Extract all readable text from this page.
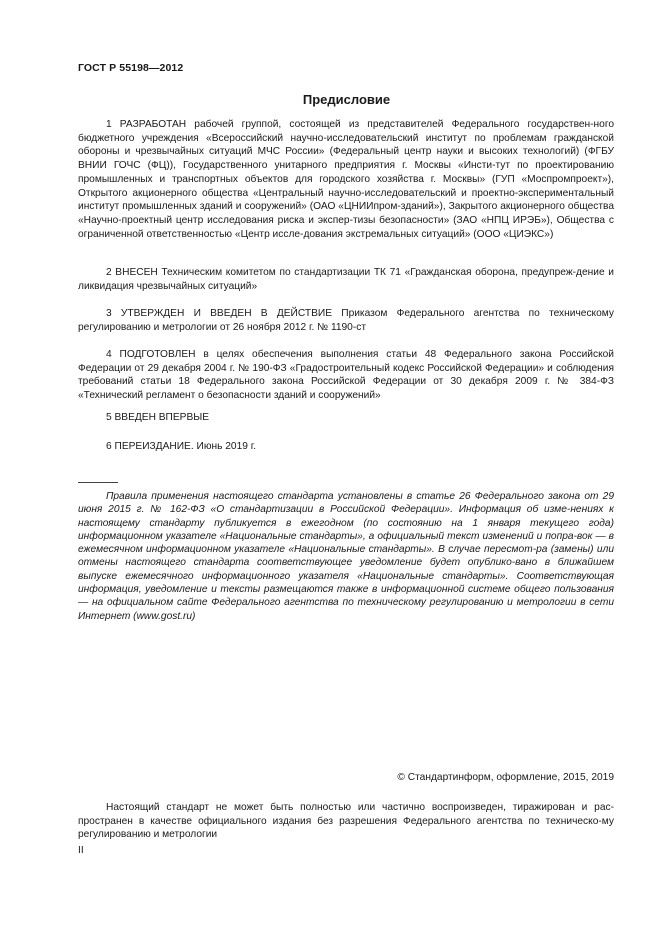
ГОСТ Р 55198—2012
Предисловие
1 РАЗРАБОТАН рабочей группой, состоящей из представителей Федерального государствен-ного бюджетного учреждения «Всероссийский научно-исследовательский институт по проблемам гражданской обороны и чрезвычайных ситуаций МЧС России» (Федеральный центр науки и высоких технологий) (ФГБУ ВНИИ ГОЧС (ФЦ)), Государственного унитарного предприятия г. Москвы «Инсти-тут по проектированию промышленных и транспортных объектов для городского хозяйства г. Москвы» (ГУП «Моспромпроект»), Открытого акционерного общества «Центральный научно-исследовательский и проектно-экспериментальный институт промышленных зданий и сооружений» (ОАО «ЦНИИпром-зданий»), Закрытого акционерного общества «Научно-проектный центр исследования риска и экспер-тизы безопасности» (ЗАО «НПЦ ИРЭБ»), Общества с ограниченной ответственностью «Центр иссле-дования экстремальных ситуаций» (ООО «ЦИЭКС»)
2 ВНЕСЕН Техническим комитетом по стандартизации ТК 71 «Гражданская оборона, предупреж-дение и ликвидация чрезвычайных ситуаций»
3 УТВЕРЖДЕН И ВВЕДЕН В ДЕЙСТВИЕ Приказом Федерального агентства по техническому регулированию и метрологии от 26 ноября 2012 г. № 1190-ст
4 ПОДГОТОВЛЕН в целях обеспечения выполнения статьи 48 Федерального закона Российской Федерации от 29 декабря 2004 г. № 190-ФЗ «Градостроительный кодекс Российской Федерации» и соблюдения требований статьи 18 Федерального закона Российской Федерации от 30 декабря 2009 г. № 384-ФЗ «Технический регламент о безопасности зданий и сооружений»
5 ВВЕДЕН ВПЕРВЫЕ
6 ПЕРЕИЗДАНИЕ. Июнь 2019 г.
Правила применения настоящего стандарта установлены в статье 26 Федерального закона от 29 июня 2015 г. № 162-ФЗ «О стандартизации в Российской Федерации». Информация об изме-нениях к настоящему стандарту публикуется в ежегодном (по состоянию на 1 января текущего года) информационном указателе «Национальные стандарты», а официальный текст изменений и попра-вок — в ежемесячном информационном указателе «Национальные стандарты». В случае пересмот-ра (замены) или отмены настоящего стандарта соответствующее уведомление будет опублико-вано в ближайшем выпуске ежемесячного информационного указателя «Национальные стандарты». Соответствующая информация, уведомление и тексты размещаются также в информационной системе общего пользования — на официальном сайте Федерального агентства по техническому регулированию и метрологии в сети Интернет (www.gost.ru)
© Стандартинформ, оформление, 2015, 2019
Настоящий стандарт не может быть полностью или частично воспроизведен, тиражирован и рас-пространен в качестве официального издания без разрешения Федерального агентства по техническо-му регулированию и метрологии
II
